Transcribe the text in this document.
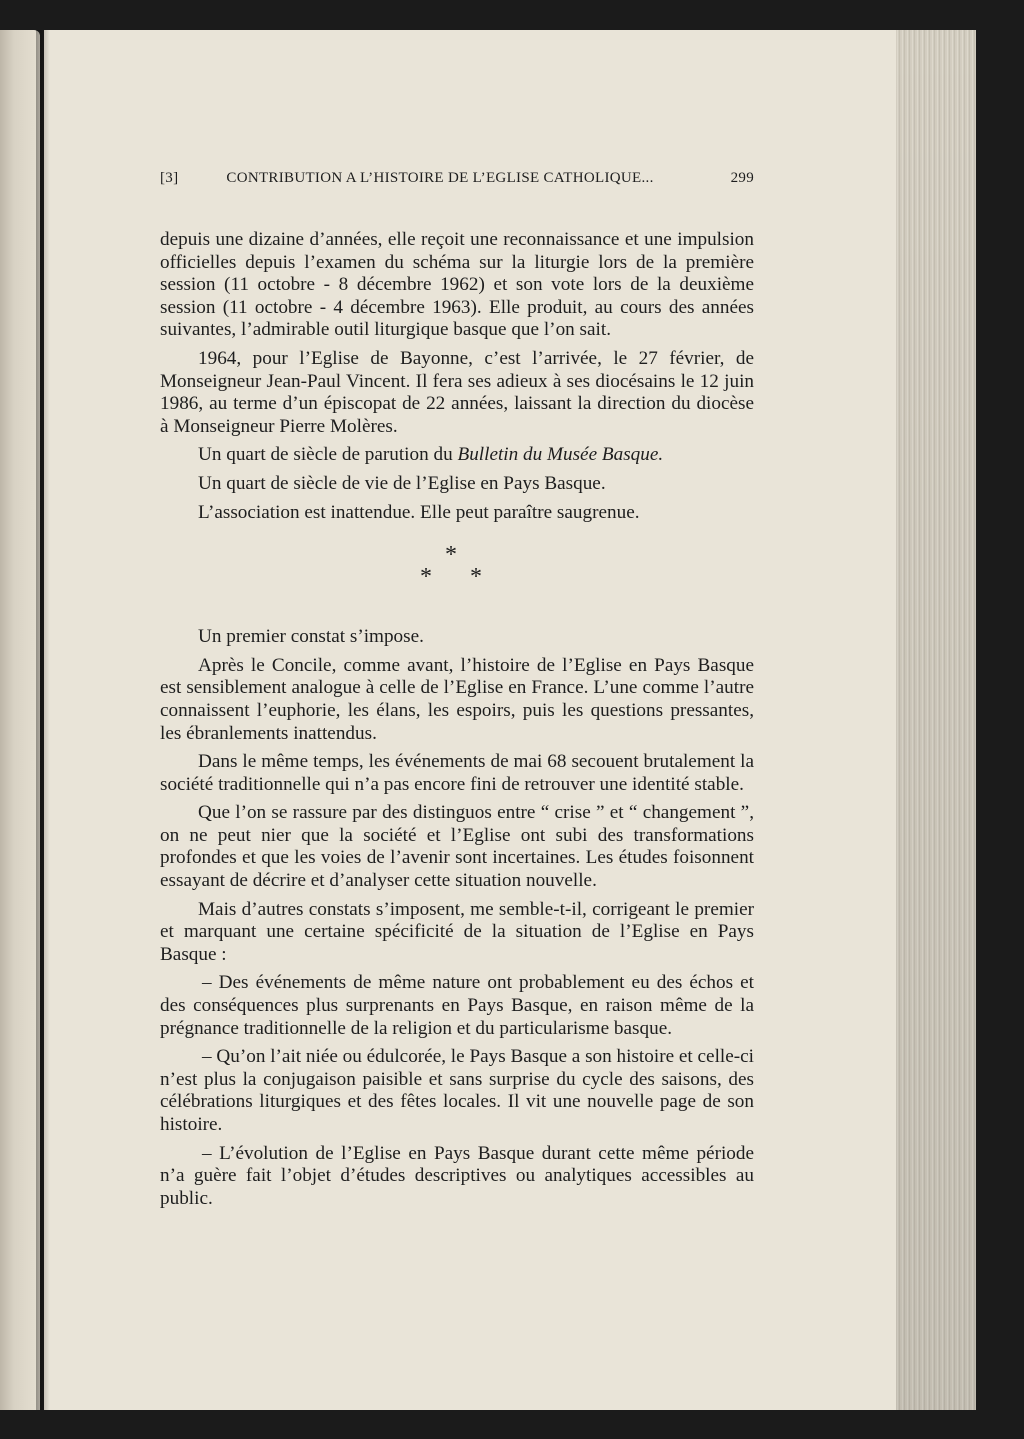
[3]	CONTRIBUTION A L’HISTOIRE DE L’EGLISE CATHOLIQUE...	299

depuis une dizaine d’années, elle reçoit une reconnaissance et une impulsion officielles depuis l’examen du schéma sur la liturgie lors de la première session (11 octobre - 8 décembre 1962) et son vote lors de la deuxième session (11 octobre - 4 décembre 1963). Elle produit, au cours des années suivantes, l’admirable outil liturgique basque que l’on sait.

1964, pour l’Eglise de Bayonne, c’est l’arrivée, le 27 février, de Monseigneur Jean-Paul Vincent. Il fera ses adieux à ses diocésains le 12 juin 1986, au terme d’un épiscopat de 22 années, laissant la direction du diocèse à Monseigneur Pierre Molères.

Un quart de siècle de parution du Bulletin du Musée Basque.

Un quart de siècle de vie de l’Eglise en Pays Basque.

L’association est inattendue. Elle peut paraître saugrenue.

*
* *

Un premier constat s’impose.

Après le Concile, comme avant, l’histoire de l’Eglise en Pays Basque est sensiblement analogue à celle de l’Eglise en France. L’une comme l’autre connaissent l’euphorie, les élans, les espoirs, puis les questions pressantes, les ébranlements inattendus.

Dans le même temps, les événements de mai 68 secouent brutalement la société traditionnelle qui n’a pas encore fini de retrouver une identité stable.

Que l’on se rassure par des distinguos entre “ crise ” et “ changement ”, on ne peut nier que la société et l’Eglise ont subi des transformations profondes et que les voies de l’avenir sont incertaines. Les études foisonnent essayant de décrire et d’analyser cette situation nouvelle.

Mais d’autres constats s’imposent, me semble-t-il, corrigeant le premier et marquant une certaine spécificité de la situation de l’Eglise en Pays Basque :

– Des événements de même nature ont probablement eu des échos et des conséquences plus surprenants en Pays Basque, en raison même de la prégnance traditionnelle de la religion et du particularisme basque.

– Qu’on l’ait niée ou édulcorée, le Pays Basque a son histoire et celle-ci n’est plus la conjugaison paisible et sans surprise du cycle des saisons, des célébrations liturgiques et des fêtes locales. Il vit une nouvelle page de son histoire.

– L’évolution de l’Eglise en Pays Basque durant cette même période n’a guère fait l’objet d’études descriptives ou analytiques accessibles au public.
